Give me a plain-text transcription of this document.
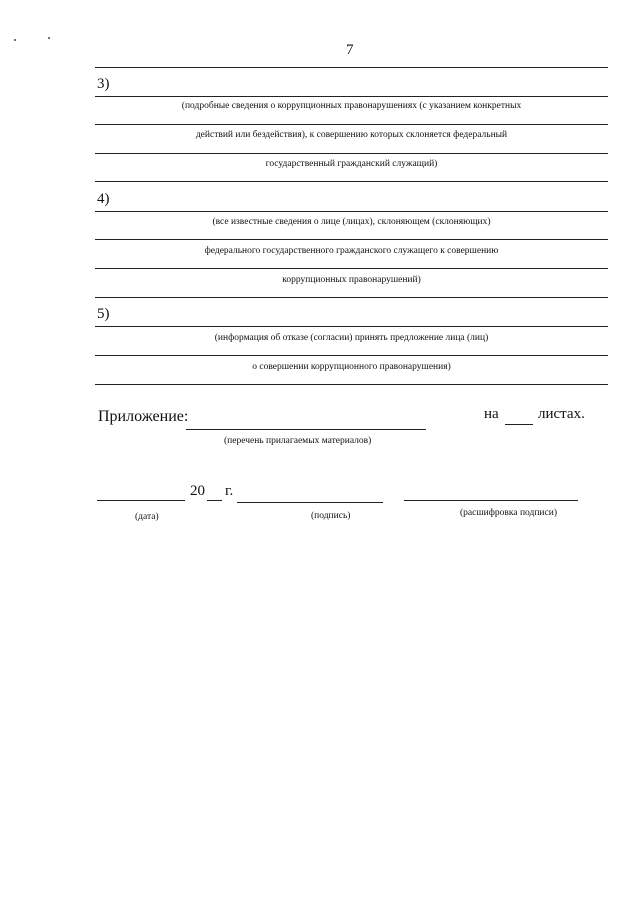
7
3)
(подробные сведения о коррупционных правонарушениях (с указанием конкретных
действий или бездействия), к совершению которых склоняется федеральный
государственный гражданский служащий)
4)
(все известные сведения о лице (лицах), склоняющем (склоняющих)
федерального государственного гражданского служащего к совершению
коррупционных правонарушений)
5)
(информация об отказе (согласии) принять предложение лица (лиц)
о совершении коррупционного правонарушения)
Приложение:
(перечень прилагаемых материалов)
на	листах.
20 г.
(дата)	(подпись)	(расшифровка подписи)
